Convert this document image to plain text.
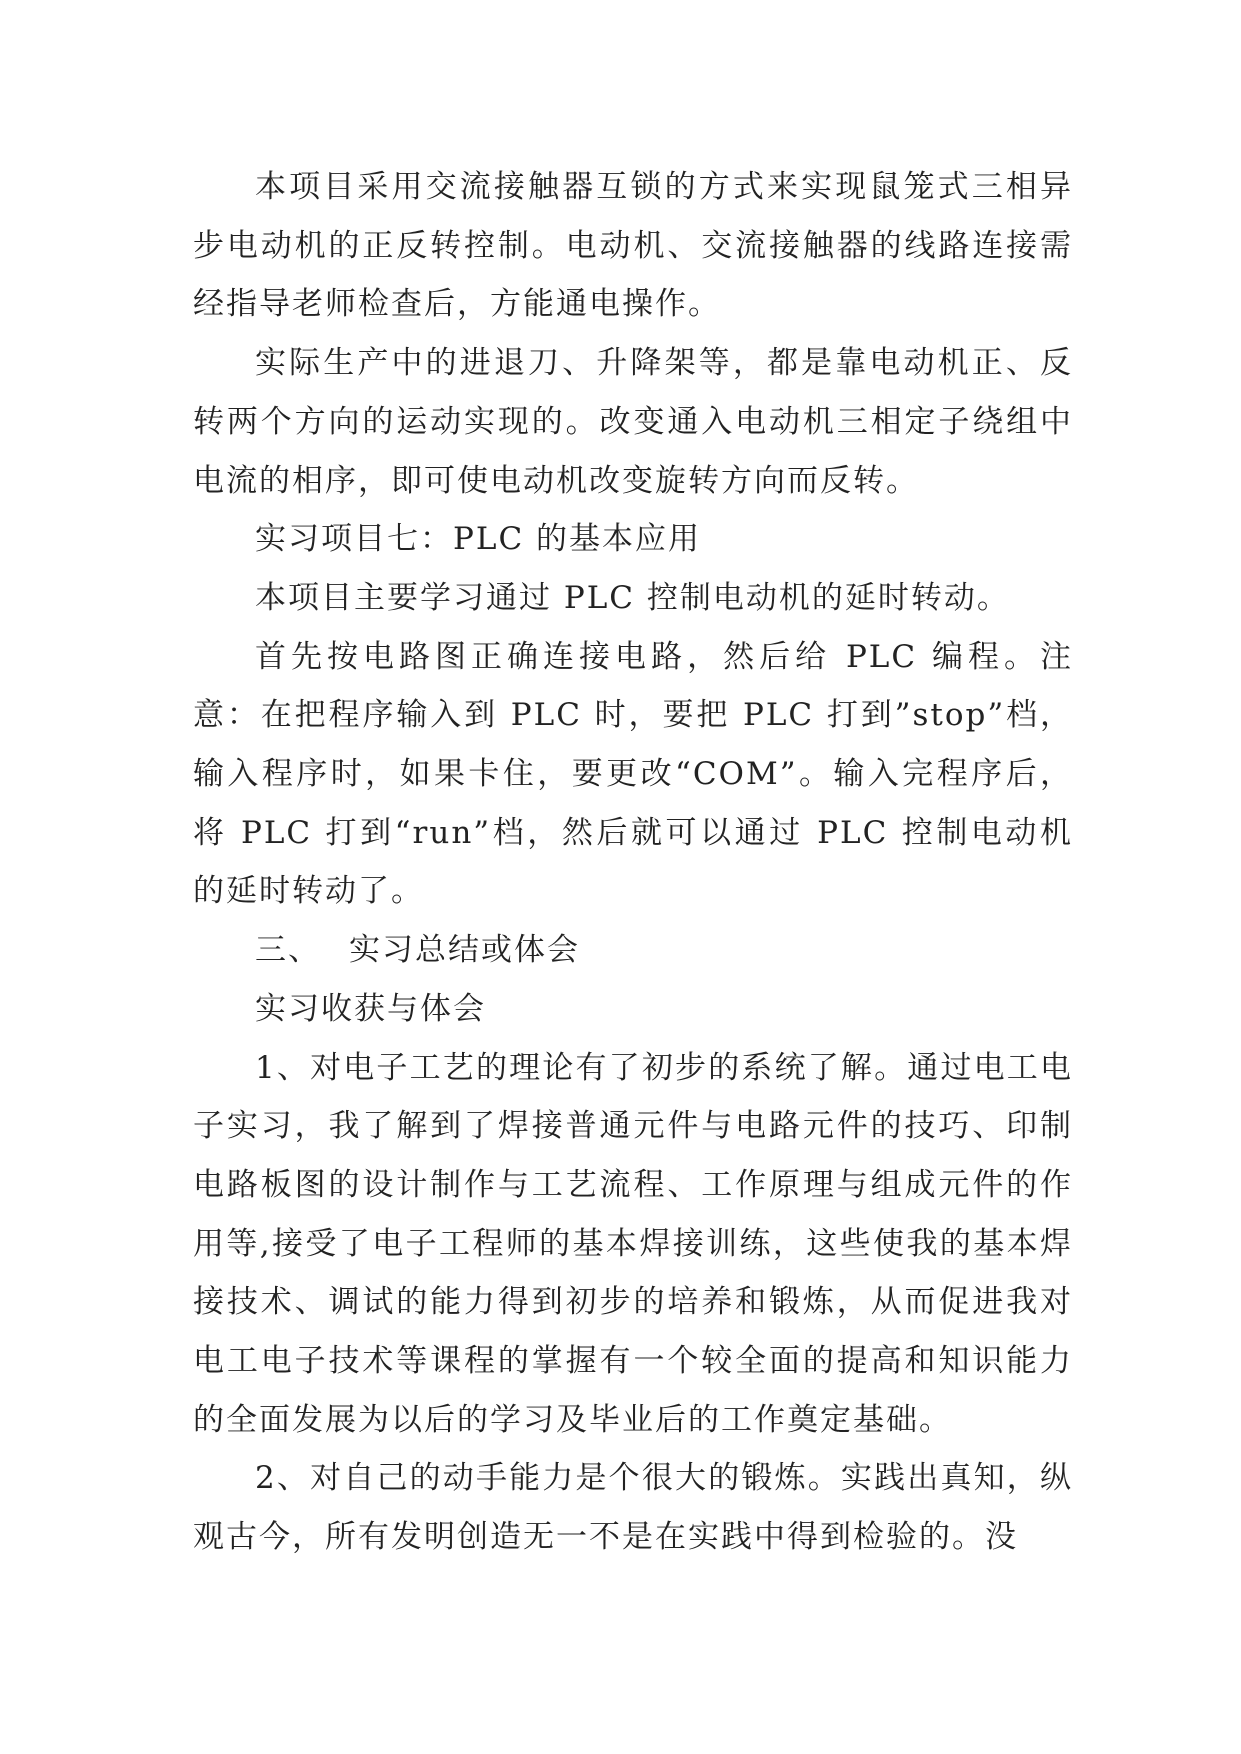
本项目采用交流接触器互锁的方式来实现鼠笼式三相异步电动机的正反转控制。电动机、交流接触器的线路连接需经指导老师检查后，方能通电操作。

实际生产中的进退刀、升降架等，都是靠电动机正、反转两个方向的运动实现的。改变通入电动机三相定子绕组中电流的相序，即可使电动机改变旋转方向而反转。

实习项目七：PLC 的基本应用

本项目主要学习通过 PLC 控制电动机的延时转动。

首先按电路图正确连接电路，然后给 PLC 编程。注意：在把程序输入到 PLC 时，要把 PLC 打到”stop”档，输入程序时，如果卡住，要更改“COM”。输入完程序后，将 PLC 打到“run”档，然后就可以通过 PLC 控制电动机的延时转动了。

三、 实习总结或体会

实习收获与体会

1、对电子工艺的理论有了初步的系统了解。通过电工电子实习，我了解到了焊接普通元件与电路元件的技巧、印制电路板图的设计制作与工艺流程、工作原理与组成元件的作用等,接受了电子工程师的基本焊接训练，这些使我的基本焊接技术、调试的能力得到初步的培养和锻炼，从而促进我对电工电子技术等课程的掌握有一个较全面的提高和知识能力的全面发展为以后的学习及毕业后的工作奠定基础。

2、对自己的动手能力是个很大的锻炼。实践出真知，纵观古今，所有发明创造无一不是在实践中得到检验的。没
